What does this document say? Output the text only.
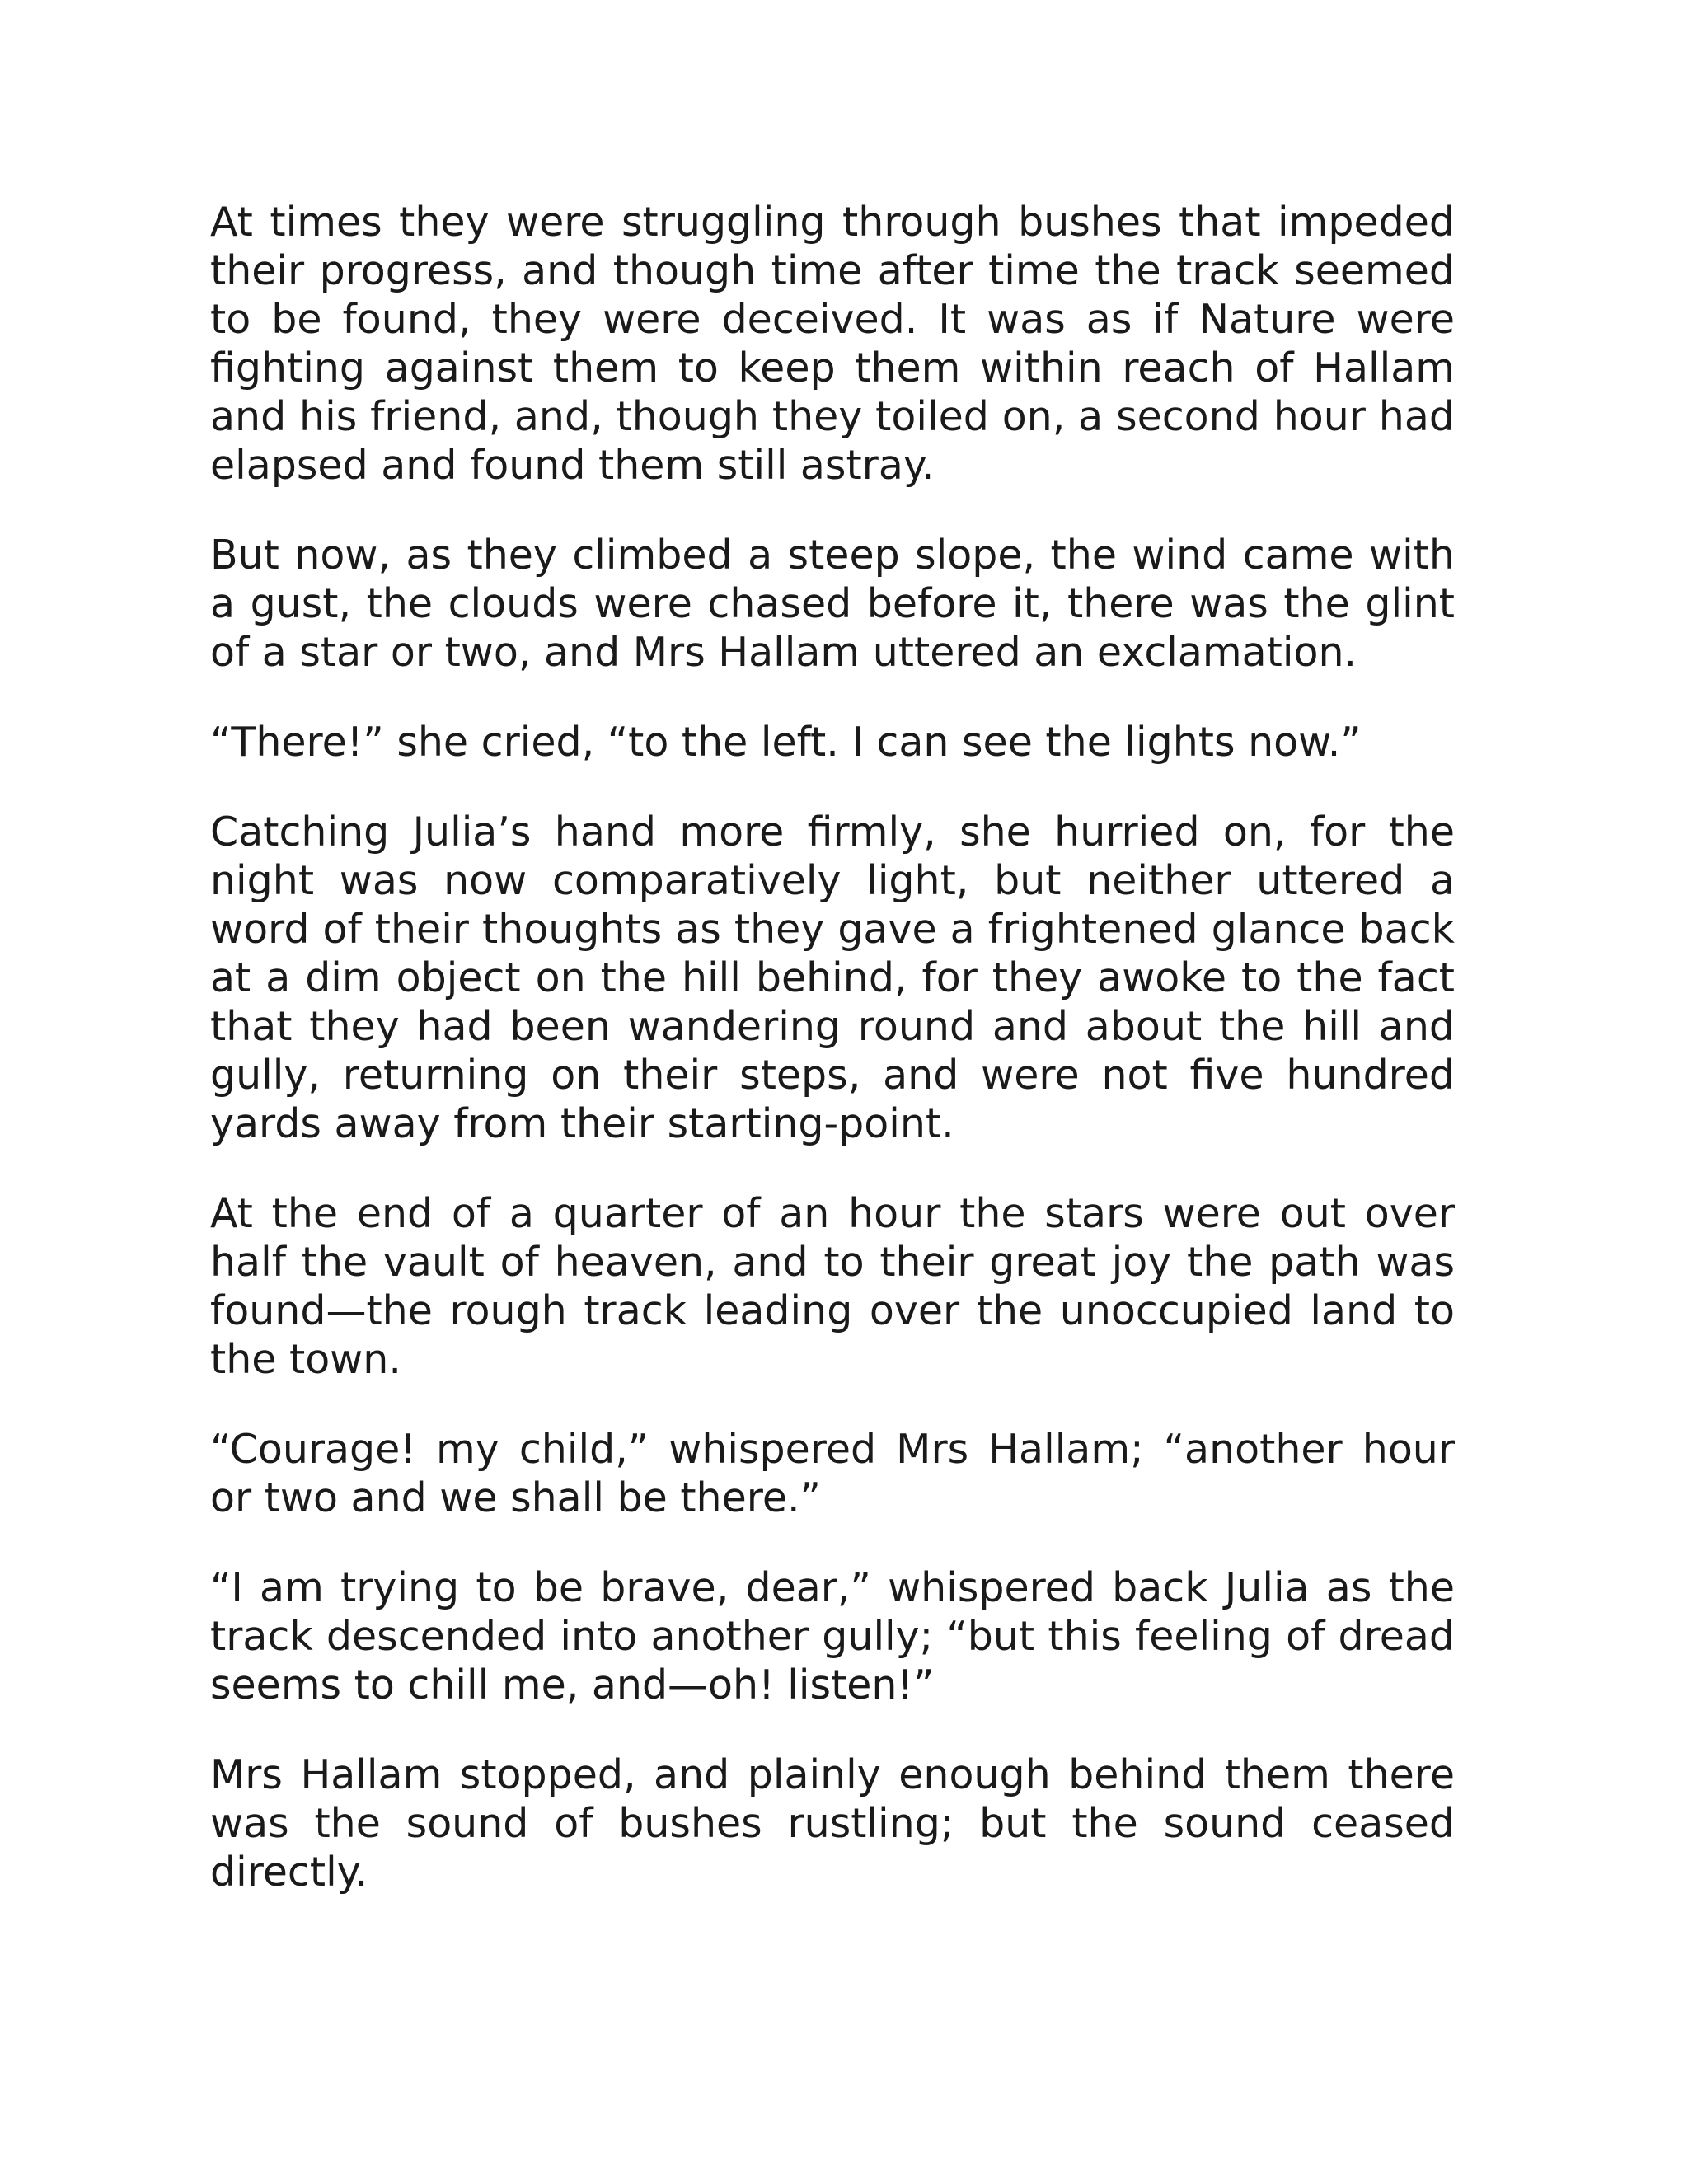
At times they were struggling through bushes that impeded their progress, and though time after time the track seemed to be found, they were deceived. It was as if Nature were fighting against them to keep them within reach of Hallam and his friend, and, though they toiled on, a second hour had elapsed and found them still astray.

But now, as they climbed a steep slope, the wind came with a gust, the clouds were chased before it, there was the glint of a star or two, and Mrs Hallam uttered an exclamation.

“There!” she cried, “to the left. I can see the lights now.”

Catching Julia’s hand more firmly, she hurried on, for the night was now comparatively light, but neither uttered a word of their thoughts as they gave a frightened glance back at a dim object on the hill behind, for they awoke to the fact that they had been wandering round and about the hill and gully, returning on their steps, and were not five hundred yards away from their starting-point.

At the end of a quarter of an hour the stars were out over half the vault of heaven, and to their great joy the path was found—the rough track leading over the unoccupied land to the town.

“Courage! my child,” whispered Mrs Hallam; “another hour or two and we shall be there.”

“I am trying to be brave, dear,” whispered back Julia as the track descended into another gully; “but this feeling of dread seems to chill me, and—oh! listen!”

Mrs Hallam stopped, and plainly enough behind them there was the sound of bushes rustling; but the sound ceased directly.
